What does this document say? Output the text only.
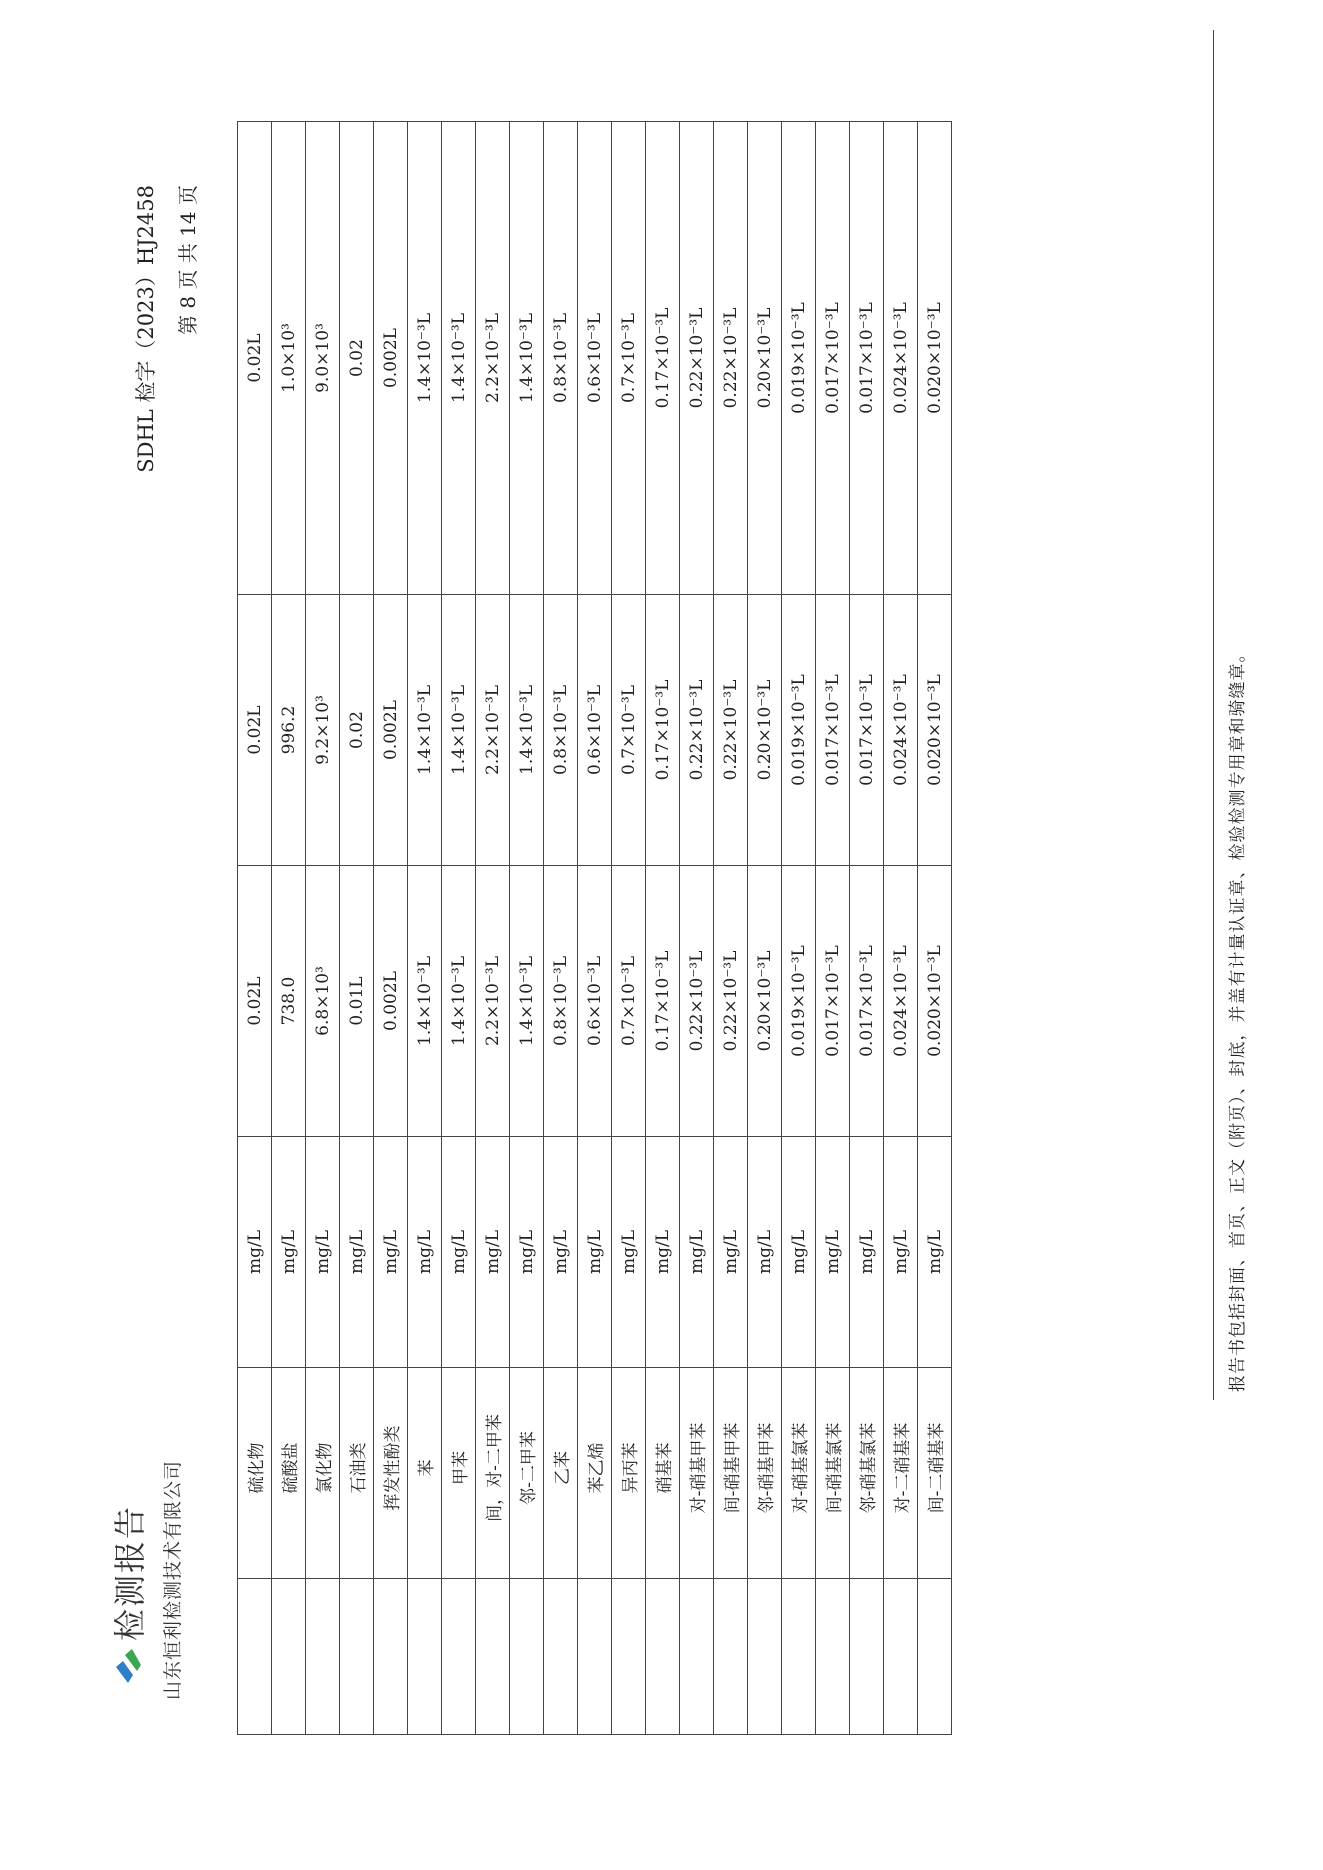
检测报告 山东恒利检测技术有限公司
SDHL 检字（2023）HJ2458 第 8 页 共 14 页
	硫化物	mg/L	0.02L	0.02L	0.02L
	硫酸盐	mg/L	738.0	996.2	1.0×10³
	氯化物	mg/L	6.8×10³	9.2×10³	9.0×10³
	石油类	mg/L	0.01L	0.02	0.02
	挥发性酚类	mg/L	0.002L	0.002L	0.002L
	苯	mg/L	1.4×10⁻³L	1.4×10⁻³L	1.4×10⁻³L
	甲苯	mg/L	1.4×10⁻³L	1.4×10⁻³L	1.4×10⁻³L
	间，对-二甲苯	mg/L	2.2×10⁻³L	2.2×10⁻³L	2.2×10⁻³L
	邻-二甲苯	mg/L	1.4×10⁻³L	1.4×10⁻³L	1.4×10⁻³L
	乙苯	mg/L	0.8×10⁻³L	0.8×10⁻³L	0.8×10⁻³L
	苯乙烯	mg/L	0.6×10⁻³L	0.6×10⁻³L	0.6×10⁻³L
	异丙苯	mg/L	0.7×10⁻³L	0.7×10⁻³L	0.7×10⁻³L
	硝基苯	mg/L	0.17×10⁻³L	0.17×10⁻³L	0.17×10⁻³L
	对-硝基甲苯	mg/L	0.22×10⁻³L	0.22×10⁻³L	0.22×10⁻³L
	间-硝基甲苯	mg/L	0.22×10⁻³L	0.22×10⁻³L	0.22×10⁻³L
	邻-硝基甲苯	mg/L	0.20×10⁻³L	0.20×10⁻³L	0.20×10⁻³L
	对-硝基氯苯	mg/L	0.019×10⁻³L	0.019×10⁻³L	0.019×10⁻³L
	间-硝基氯苯	mg/L	0.017×10⁻³L	0.017×10⁻³L	0.017×10⁻³L
	邻-硝基氯苯	mg/L	0.017×10⁻³L	0.017×10⁻³L	0.017×10⁻³L
	对-二硝基苯	mg/L	0.024×10⁻³L	0.024×10⁻³L	0.024×10⁻³L
	间-二硝基苯	mg/L	0.020×10⁻³L	0.020×10⁻³L	0.020×10⁻³L
报告书包括封面、首页、正文（附页）、封底，并盖有计量认证章、检验检测专用章和骑缝章。
